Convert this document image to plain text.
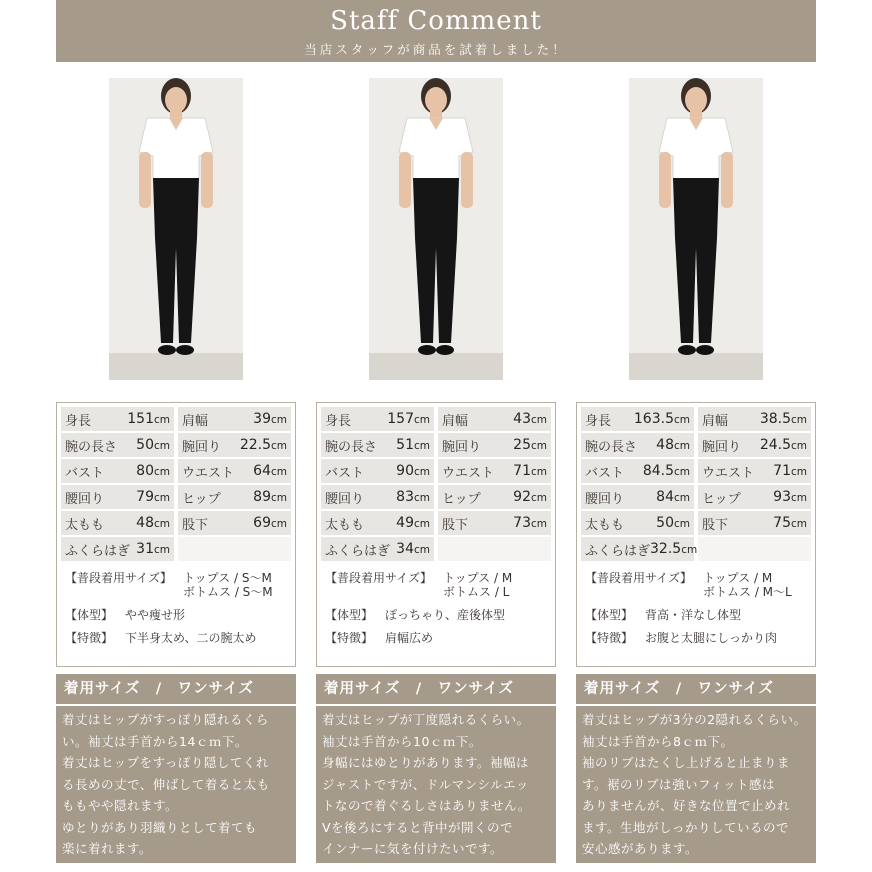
Staff Comment
当店スタッフが商品を試着しました！
身長	151cm 肩幅	39cm
腕の長さ 50cm 腕回り 22.5cm
バスト 80cm ウエスト 64cm
腰回り 79cm ヒップ 89cm
太もも 48cm 股下	69cm
ふくらはぎ 31cm
【普段着用サイズ】 トップス / S〜M
ボトムス / S〜M
【体型】 やや痩せ形
【特徴】 下半身太め、二の腕太め
着用サイズ　/　ワンサイズ
着丈はヒップがすっぽり隠れるくら
い。袖丈は手首から14ｃｍ下。
着丈はヒップをすっぽり隠してくれ
る長めの丈で、伸ばして着ると太も
ももやや隠れます。
ゆとりがあり羽織りとして着ても
楽に着れます。
身長	157cm 肩幅	43cm
腕の長さ 51cm 腕回り 25cm
バスト 90cm ウエスト 71cm
腰回り 83cm ヒップ 92cm
太もも 49cm 股下	73cm
ふくらはぎ 34cm
【普段着用サイズ】 トップス / M
ボトムス / L
【体型】 ぽっちゃり、産後体型
【特徴】 肩幅広め
着用サイズ　/　ワンサイズ
着丈はヒップが丁度隠れるくらい。
袖丈は手首から10ｃｍ下。
身幅にはゆとりがあります。袖幅は
ジャストですが、ドルマンシルエッ
トなので着ぐるしさはありません。
Vを後ろにすると背中が開くので
インナーに気を付けたいです。
身長 163.5cm 肩幅 38.5cm
腕の長さ 48cm 腕回り 24.5cm
バスト 84.5cm ウエスト 71cm
腰回り 84cm ヒップ 93cm
太もも 50cm 股下	75cm
ふくらはぎ 32.5cm
【普段着用サイズ】 トップス / M
ボトムス / M〜L
【体型】 背高・洋なし体型
【特徴】 お腹と太腿にしっかり肉
着用サイズ　/　ワンサイズ
着丈はヒップが3分の2隠れるくらい。
袖丈は手首から8ｃｍ下。
袖のリブはたくし上げると止まりま
す。裾のリブは強いフィット感は
ありませんが、好きな位置で止めれ
ます。生地がしっかりしているので
安心感があります。
